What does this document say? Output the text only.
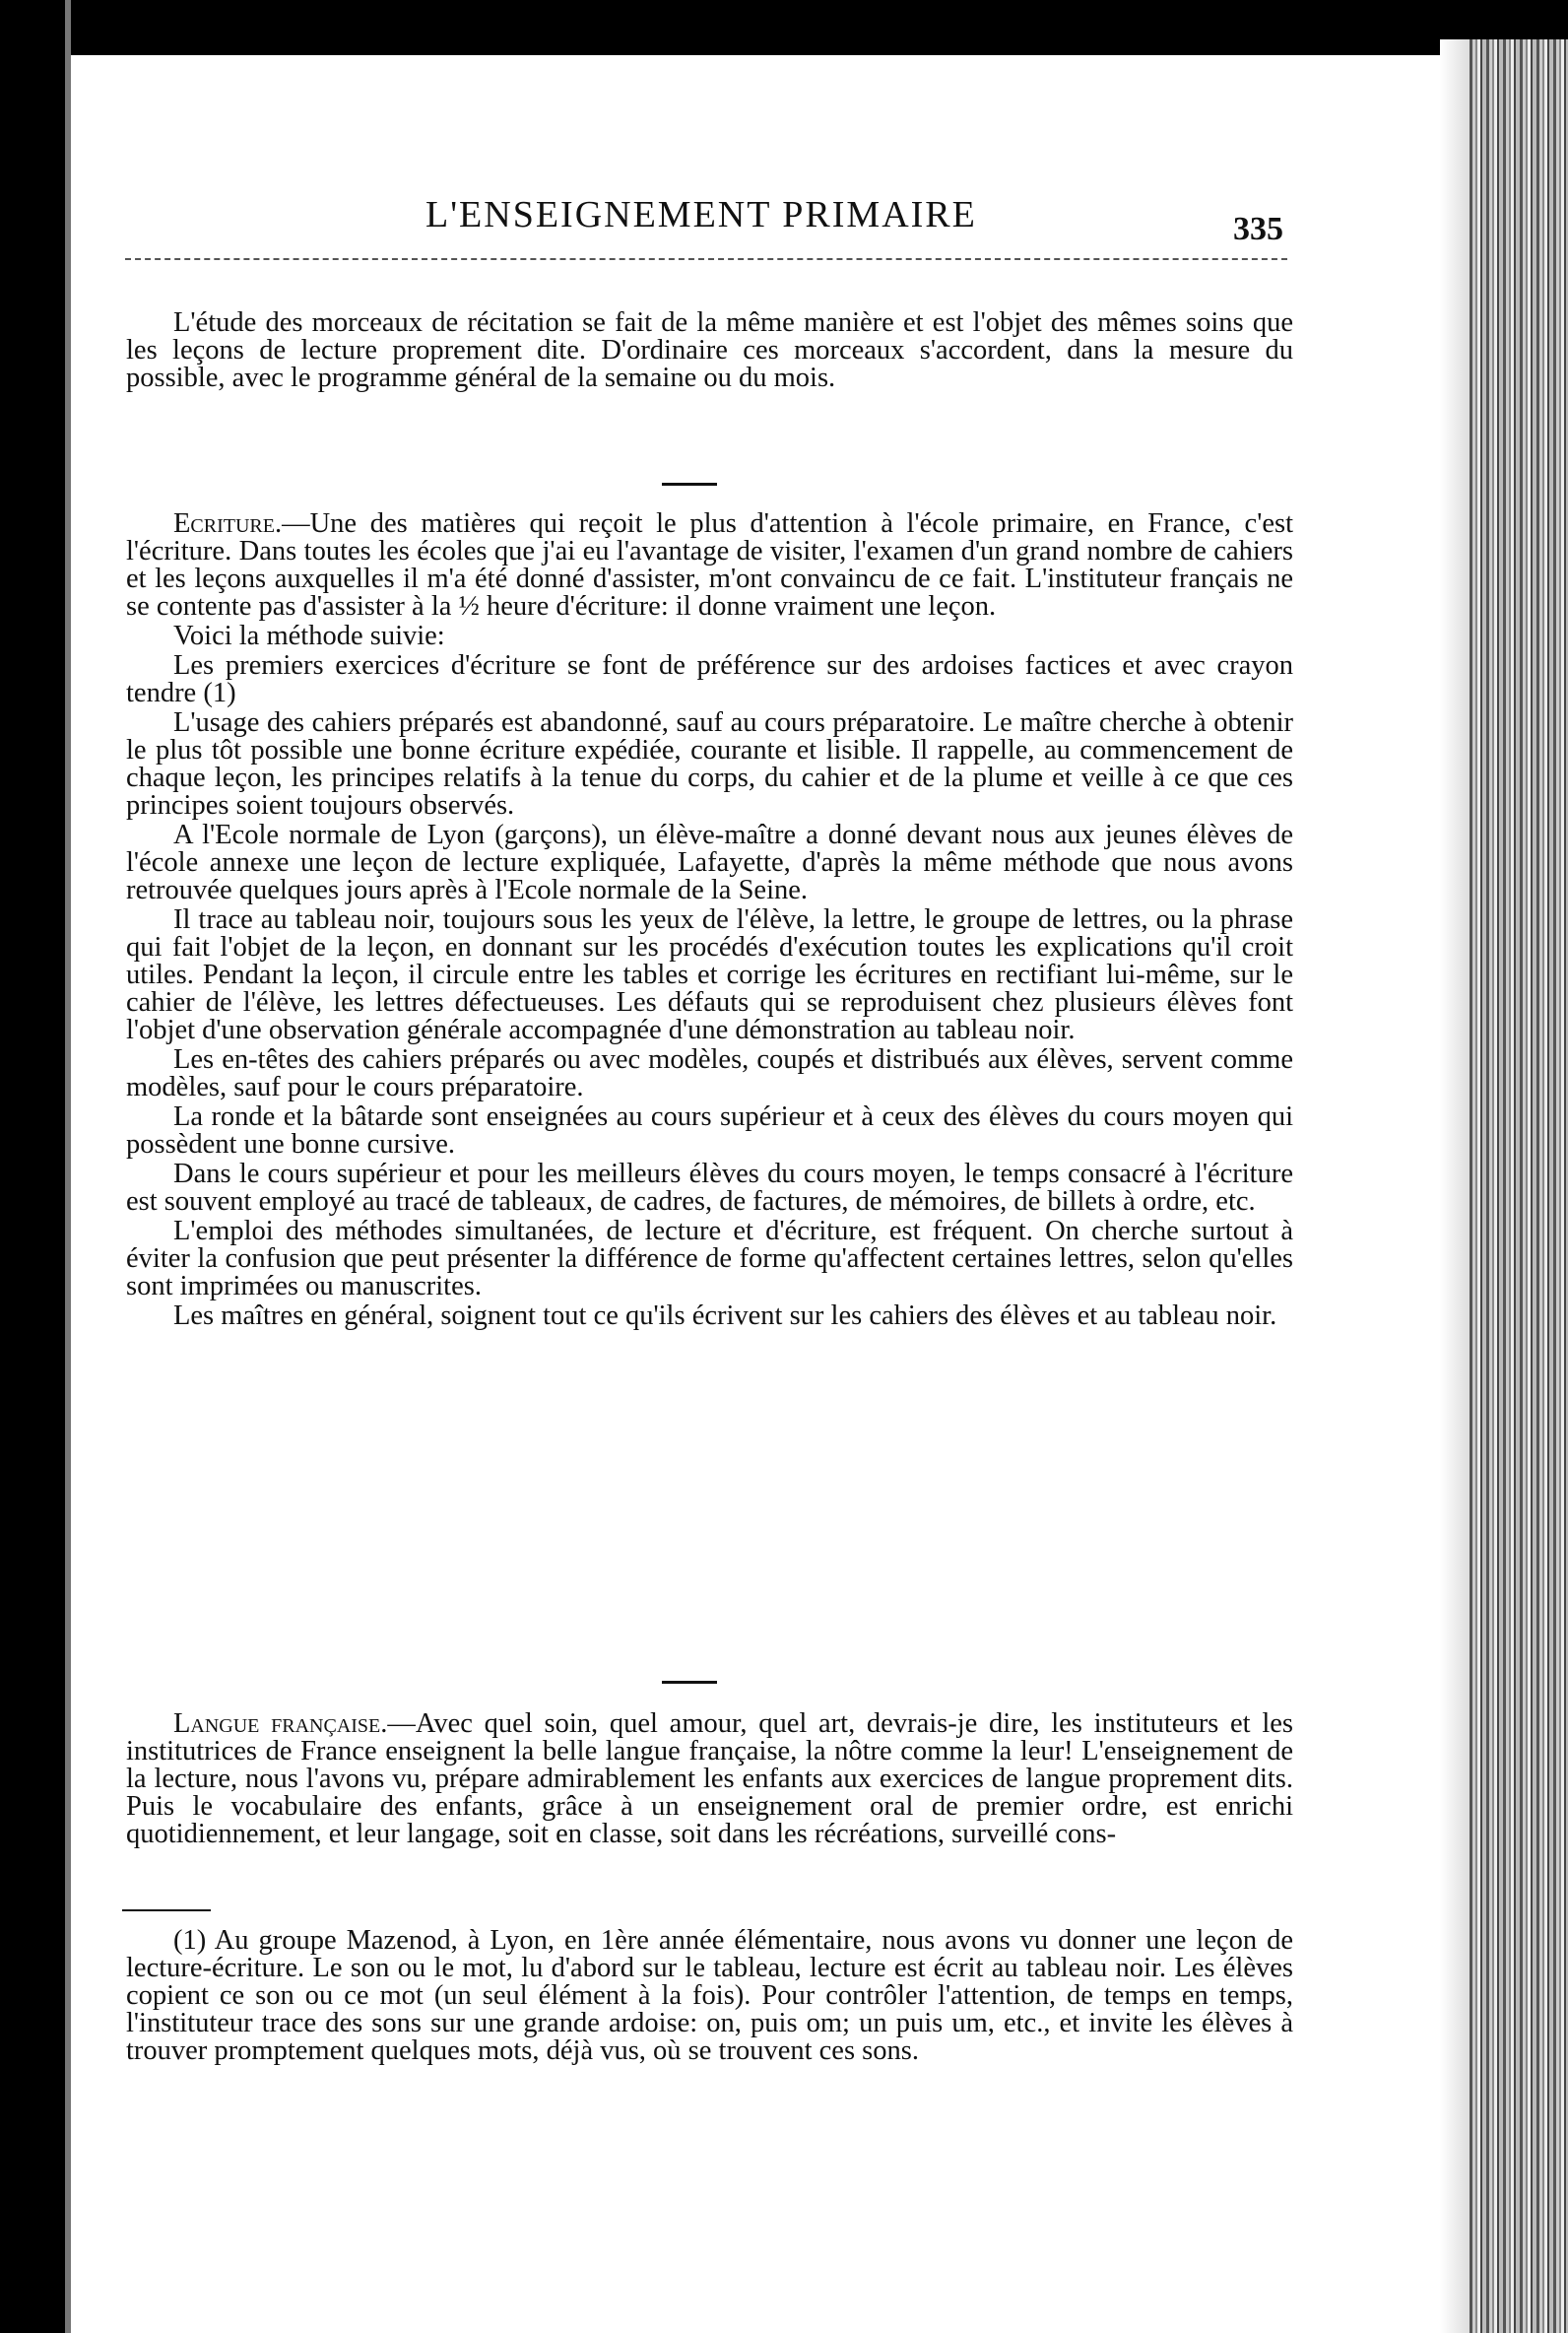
L'ENSEIGNEMENT PRIMAIRE	335

L'étude des morceaux de récitation se fait de la même manière et est l'objet des mêmes soins que les leçons de lecture proprement dite. D'ordinaire ces morceaux s'accordent, dans la mesure du possible, avec le programme général de la semaine ou du mois.

Ecriture.—Une des matières qui reçoit le plus d'attention à l'école primaire, en France, c'est l'écriture. Dans toutes les écoles que j'ai eu l'avantage de visiter, l'examen d'un grand nombre de cahiers et les leçons auxquelles il m'a été donné d'assister, m'ont convaincu de ce fait. L'instituteur français ne se contente pas d'assister à la ½ heure d'écriture: il donne vraiment une leçon.

Voici la méthode suivie:

Les premiers exercices d'écriture se font de préférence sur des ardoises factices et avec crayon tendre (1)

L'usage des cahiers préparés est abandonné, sauf au cours préparatoire. Le maître cherche à obtenir le plus tôt possible une bonne écriture expédiée, courante et lisible. Il rappelle, au commencement de chaque leçon, les principes relatifs à la tenue du corps, du cahier et de la plume et veille à ce que ces principes soient toujours observés.

A l'Ecole normale de Lyon (garçons), un élève-maître a donné devant nous aux jeunes élèves de l'école annexe une leçon de lecture expliquée, Lafayette, d'après la même méthode que nous avons retrouvée quelques jours après à l'Ecole normale de la Seine.

Il trace au tableau noir, toujours sous les yeux de l'élève, la lettre, le groupe de lettres, ou la phrase qui fait l'objet de la leçon, en donnant sur les procédés d'exécution toutes les explications qu'il croit utiles. Pendant la leçon, il circule entre les tables et corrige les écritures en rectifiant lui-même, sur le cahier de l'élève, les lettres défectueuses. Les défauts qui se reproduisent chez plusieurs élèves font l'objet d'une observation générale accompagnée d'une démonstration au tableau noir.

Les en-têtes des cahiers préparés ou avec modèles, coupés et distribués aux élèves, servent comme modèles, sauf pour le cours préparatoire.

La ronde et la bâtarde sont enseignées au cours supérieur et à ceux des élèves du cours moyen qui possèdent une bonne cursive.

Dans le cours supérieur et pour les meilleurs élèves du cours moyen, le temps consacré à l'écriture est souvent employé au tracé de tableaux, de cadres, de factures, de mémoires, de billets à ordre, etc.

L'emploi des méthodes simultanées, de lecture et d'écriture, est fréquent. On cherche surtout à éviter la confusion que peut présenter la différence de forme qu'affectent certaines lettres, selon qu'elles sont imprimées ou manuscrites.

Les maîtres en général, soignent tout ce qu'ils écrivent sur les cahiers des élèves et au tableau noir.

Langue française.—Avec quel soin, quel amour, quel art, devrais-je dire, les instituteurs et les institutrices de France enseignent la belle langue française, la nôtre comme la leur! L'enseignement de la lecture, nous l'avons vu, prépare admirablement les enfants aux exercices de langue proprement dits. Puis le vocabulaire des enfants, grâce à un enseignement oral de premier ordre, est enrichi quotidiennement, et leur langage, soit en classe, soit dans les récréations, surveillé cons-

(1) Au groupe Mazenod, à Lyon, en 1ère année élémentaire, nous avons vu donner une leçon de lecture-écriture. Le son ou le mot, lu d'abord sur le tableau, lecture est écrit au tableau noir. Les élèves copient ce son ou ce mot (un seul élément à la fois). Pour contrôler l'attention, de temps en temps, l'instituteur trace des sons sur une grande ardoise: on, puis om; un puis um, etc., et invite les élèves à trouver promptement quelques mots, déjà vus, où se trouvent ces sons.
